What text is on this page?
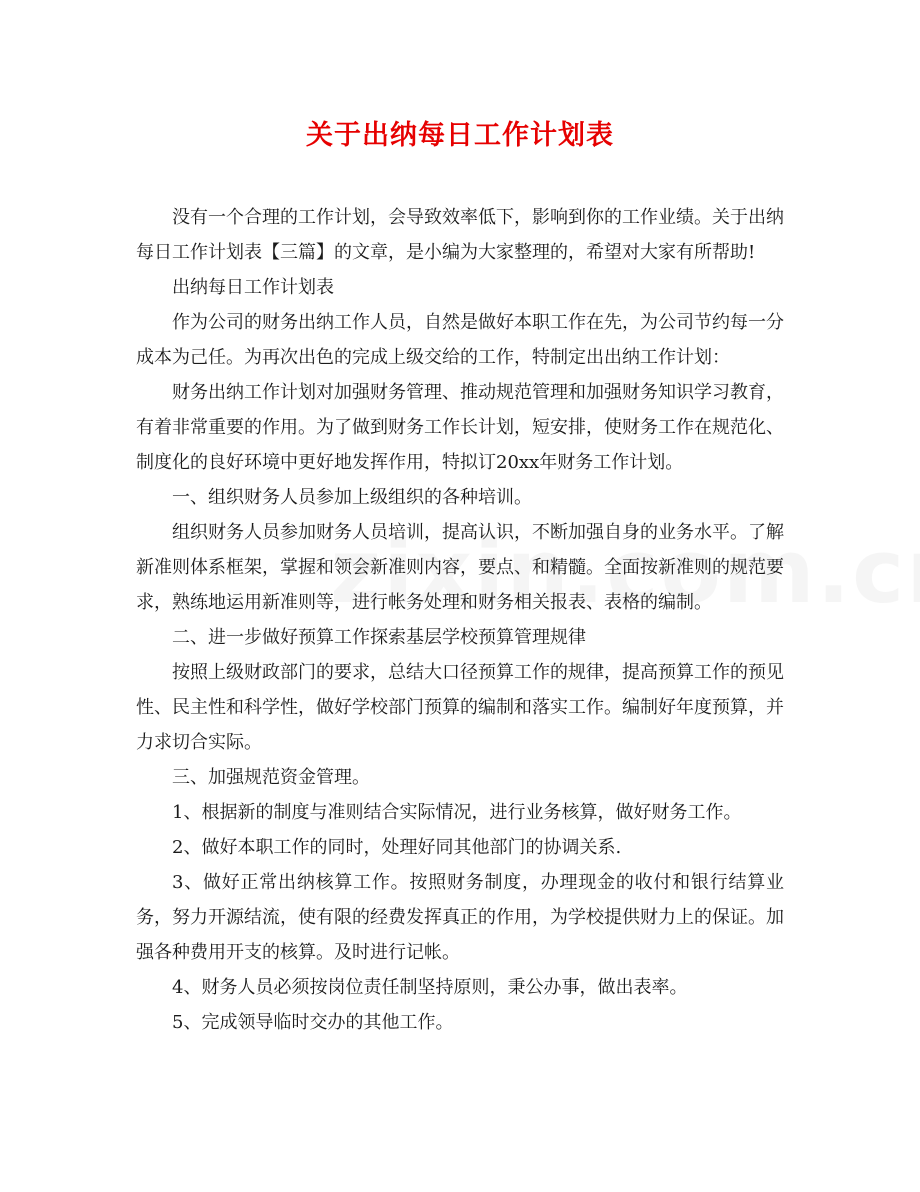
关于出纳每日工作计划表

没有一个合理的工作计划，会导致效率低下，影响到你的工作业绩。关于出纳每日工作计划表【三篇】的文章，是小编为大家整理的，希望对大家有所帮助!

出纳每日工作计划表

作为公司的财务出纳工作人员，自然是做好本职工作在先，为公司节约每一分成本为己任。为再次出色的完成上级交给的工作，特制定出出纳工作计划：

财务出纳工作计划对加强财务管理、推动规范管理和加强财务知识学习教育，有着非常重要的作用。为了做到财务工作长计划，短安排，使财务工作在规范化、制度化的良好环境中更好地发挥作用，特拟订20xx年财务工作计划。

一、组织财务人员参加上级组织的各种培训。

组织财务人员参加财务人员培训，提高认识，不断加强自身的业务水平。了解新准则体系框架，掌握和领会新准则内容，要点、和精髓。全面按新准则的规范要求，熟练地运用新准则等，进行帐务处理和财务相关报表、表格的编制。

二、进一步做好预算工作探索基层学校预算管理规律

按照上级财政部门的要求，总结大口径预算工作的规律，提高预算工作的预见性、民主性和科学性，做好学校部门预算的编制和落实工作。编制好年度预算，并力求切合实际。

三、加强规范资金管理。

1、根据新的制度与准则结合实际情况，进行业务核算，做好财务工作。

2、做好本职工作的同时，处理好同其他部门的协调关系.

3、做好正常出纳核算工作。按照财务制度，办理现金的收付和银行结算业务，努力开源结流，使有限的经费发挥真正的作用，为学校提供财力上的保证。加强各种费用开支的核算。及时进行记帐。

4、财务人员必须按岗位责任制坚持原则，秉公办事，做出表率。

5、完成领导临时交办的其他工作。
